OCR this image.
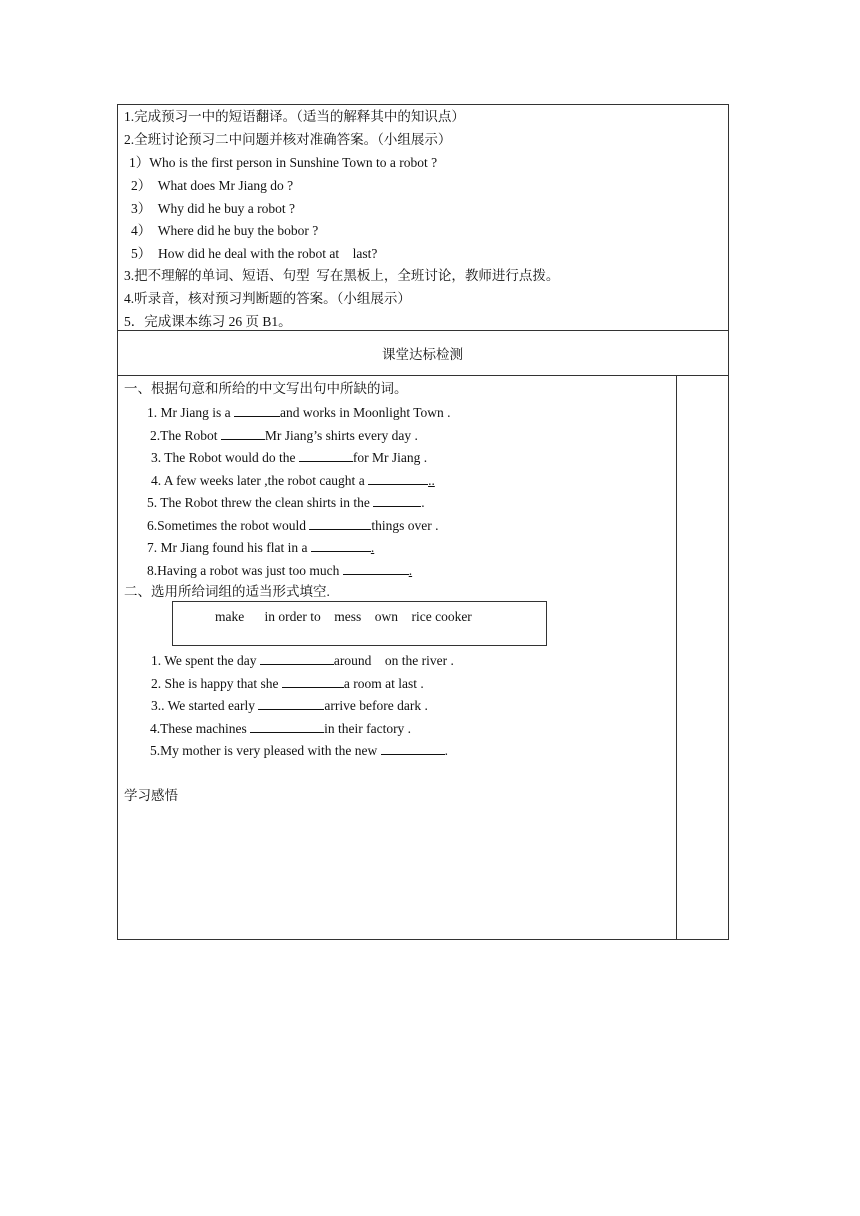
1.完成预习一中的短语翻译。（适当的解释其中的知识点）
2.全班讨论预习二中问题并核对准确答案。（小组展示）
1）Who is the first person in Sunshine Town to a robot ?
2）  What does Mr Jiang do ?
3）  Why did he buy a robot ?
4）  Where did he buy the bobor ?
5）  How did he deal with the robot at    last?
3.把不理解的单词、短语、句型  写在黑板上，全班讨论，教师进行点拨。
4.听录音，核对预习判断题的答案。（小组展示）
5．完成课本练习 26 页 B1。
课堂达标检测
一、根据句意和所给的中文写出句中所缺的词。
1. Mr Jiang is a	and works in Moonlight Town .
2.The Robot	Mr Jiang’s shirts every day .
3. The Robot would do the	for Mr Jiang .
4. A few weeks later ,the robot caught a	..
5. The Robot threw the clean shirts in the	.
6.Sometimes the robot would	things over .
7. Mr Jiang found his flat in a	.
8.Having a robot was just too much	.
二、选用所给词组的适当形式填空.
make      in order to    mess    own    rice cooker
1. We spent the day	around    on the river .
2. She is happy that she	a room at last .
3.. We started early	arrive before dark .
4.These machines	in their factory .
5.My mother is very pleased with the new	.
学习感悟
